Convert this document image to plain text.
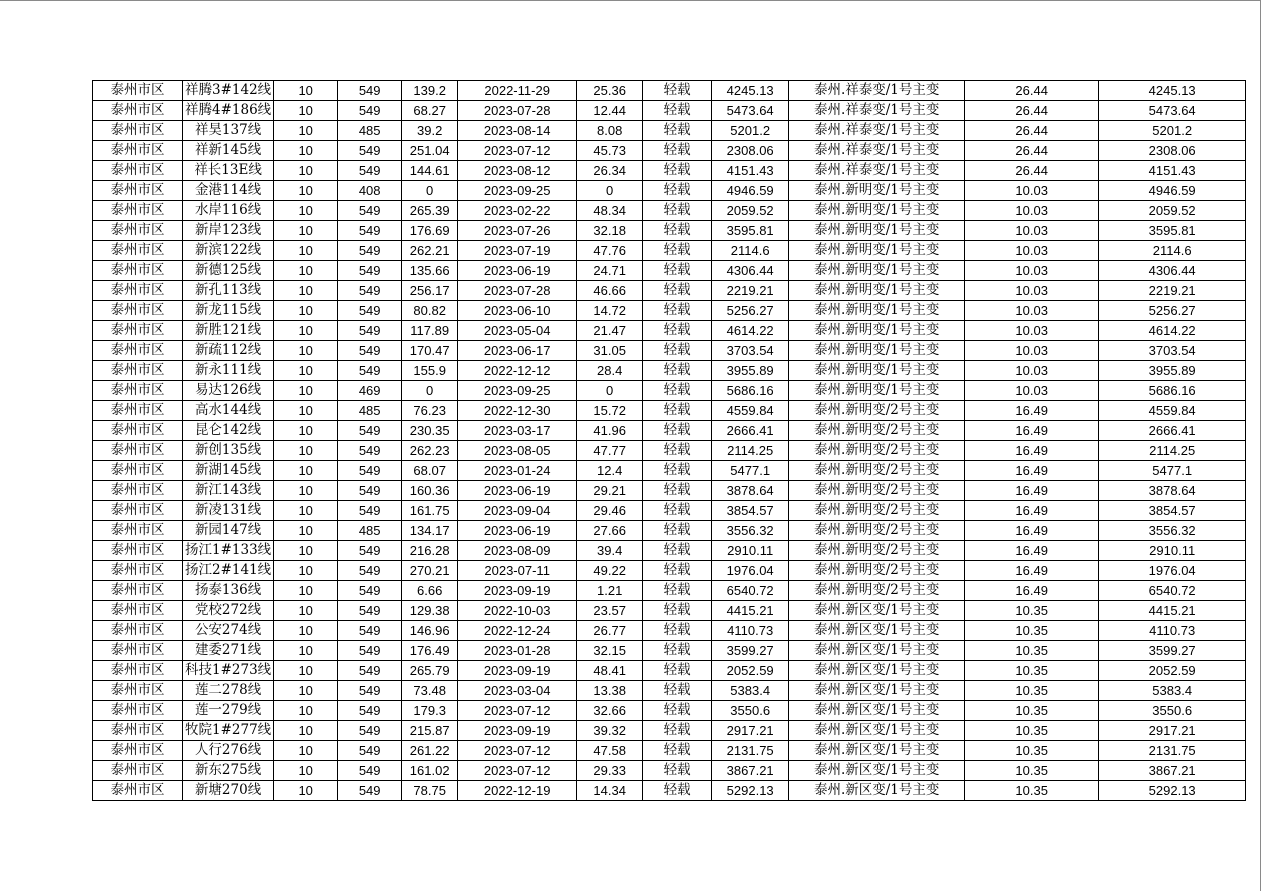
泰州市区	祥腾3#142线	10	549	139.2	2022-11-29	25.36	轻载	4245.13	泰州.祥泰变/1号主变	26.44	4245.13
泰州市区	祥腾4#186线	10	549	68.27	2023-07-28	12.44	轻载	5473.64	泰州.祥泰变/1号主变	26.44	5473.64
泰州市区	祥昊137线	10	485	39.2	2023-08-14	8.08	轻载	5201.2	泰州.祥泰变/1号主变	26.44	5201.2
泰州市区	祥新145线	10	549	251.04	2023-07-12	45.73	轻载	2308.06	泰州.祥泰变/1号主变	26.44	2308.06
泰州市区	祥长13E线	10	549	144.61	2023-08-12	26.34	轻载	4151.43	泰州.祥泰变/1号主变	26.44	4151.43
泰州市区	金港114线	10	408	0	2023-09-25	0	轻载	4946.59	泰州.新明变/1号主变	10.03	4946.59
泰州市区	水岸116线	10	549	265.39	2023-02-22	48.34	轻载	2059.52	泰州.新明变/1号主变	10.03	2059.52
泰州市区	新岸123线	10	549	176.69	2023-07-26	32.18	轻载	3595.81	泰州.新明变/1号主变	10.03	3595.81
泰州市区	新滨122线	10	549	262.21	2023-07-19	47.76	轻载	2114.6	泰州.新明变/1号主变	10.03	2114.6
泰州市区	新德125线	10	549	135.66	2023-06-19	24.71	轻载	4306.44	泰州.新明变/1号主变	10.03	4306.44
泰州市区	新孔113线	10	549	256.17	2023-07-28	46.66	轻载	2219.21	泰州.新明变/1号主变	10.03	2219.21
泰州市区	新龙115线	10	549	80.82	2023-06-10	14.72	轻载	5256.27	泰州.新明变/1号主变	10.03	5256.27
泰州市区	新胜121线	10	549	117.89	2023-05-04	21.47	轻载	4614.22	泰州.新明变/1号主变	10.03	4614.22
泰州市区	新疏112线	10	549	170.47	2023-06-17	31.05	轻载	3703.54	泰州.新明变/1号主变	10.03	3703.54
泰州市区	新永111线	10	549	155.9	2022-12-12	28.4	轻载	3955.89	泰州.新明变/1号主变	10.03	3955.89
泰州市区	易达126线	10	469	0	2023-09-25	0	轻载	5686.16	泰州.新明变/1号主变	10.03	5686.16
泰州市区	高水144线	10	485	76.23	2022-12-30	15.72	轻载	4559.84	泰州.新明变/2号主变	16.49	4559.84
泰州市区	昆仑142线	10	549	230.35	2023-03-17	41.96	轻载	2666.41	泰州.新明变/2号主变	16.49	2666.41
泰州市区	新创135线	10	549	262.23	2023-08-05	47.77	轻载	2114.25	泰州.新明变/2号主变	16.49	2114.25
泰州市区	新湖145线	10	549	68.07	2023-01-24	12.4	轻载	5477.1	泰州.新明变/2号主变	16.49	5477.1
泰州市区	新江143线	10	549	160.36	2023-06-19	29.21	轻载	3878.64	泰州.新明变/2号主变	16.49	3878.64
泰州市区	新凌131线	10	549	161.75	2023-09-04	29.46	轻载	3854.57	泰州.新明变/2号主变	16.49	3854.57
泰州市区	新园147线	10	485	134.17	2023-06-19	27.66	轻载	3556.32	泰州.新明变/2号主变	16.49	3556.32
泰州市区	扬江1#133线	10	549	216.28	2023-08-09	39.4	轻载	2910.11	泰州.新明变/2号主变	16.49	2910.11
泰州市区	扬江2#141线	10	549	270.21	2023-07-11	49.22	轻载	1976.04	泰州.新明变/2号主变	16.49	1976.04
泰州市区	扬泰136线	10	549	6.66	2023-09-19	1.21	轻载	6540.72	泰州.新明变/2号主变	16.49	6540.72
泰州市区	党校272线	10	549	129.38	2022-10-03	23.57	轻载	4415.21	泰州.新区变/1号主变	10.35	4415.21
泰州市区	公安274线	10	549	146.96	2022-12-24	26.77	轻载	4110.73	泰州.新区变/1号主变	10.35	4110.73
泰州市区	建委271线	10	549	176.49	2023-01-28	32.15	轻载	3599.27	泰州.新区变/1号主变	10.35	3599.27
泰州市区	科技1#273线	10	549	265.79	2023-09-19	48.41	轻载	2052.59	泰州.新区变/1号主变	10.35	2052.59
泰州市区	莲二278线	10	549	73.48	2023-03-04	13.38	轻载	5383.4	泰州.新区变/1号主变	10.35	5383.4
泰州市区	莲一279线	10	549	179.3	2023-07-12	32.66	轻载	3550.6	泰州.新区变/1号主变	10.35	3550.6
泰州市区	牧院1#277线	10	549	215.87	2023-09-19	39.32	轻载	2917.21	泰州.新区变/1号主变	10.35	2917.21
泰州市区	人行276线	10	549	261.22	2023-07-12	47.58	轻载	2131.75	泰州.新区变/1号主变	10.35	2131.75
泰州市区	新东275线	10	549	161.02	2023-07-12	29.33	轻载	3867.21	泰州.新区变/1号主变	10.35	3867.21
泰州市区	新塘270线	10	549	78.75	2022-12-19	14.34	轻载	5292.13	泰州.新区变/1号主变	10.35	5292.13
